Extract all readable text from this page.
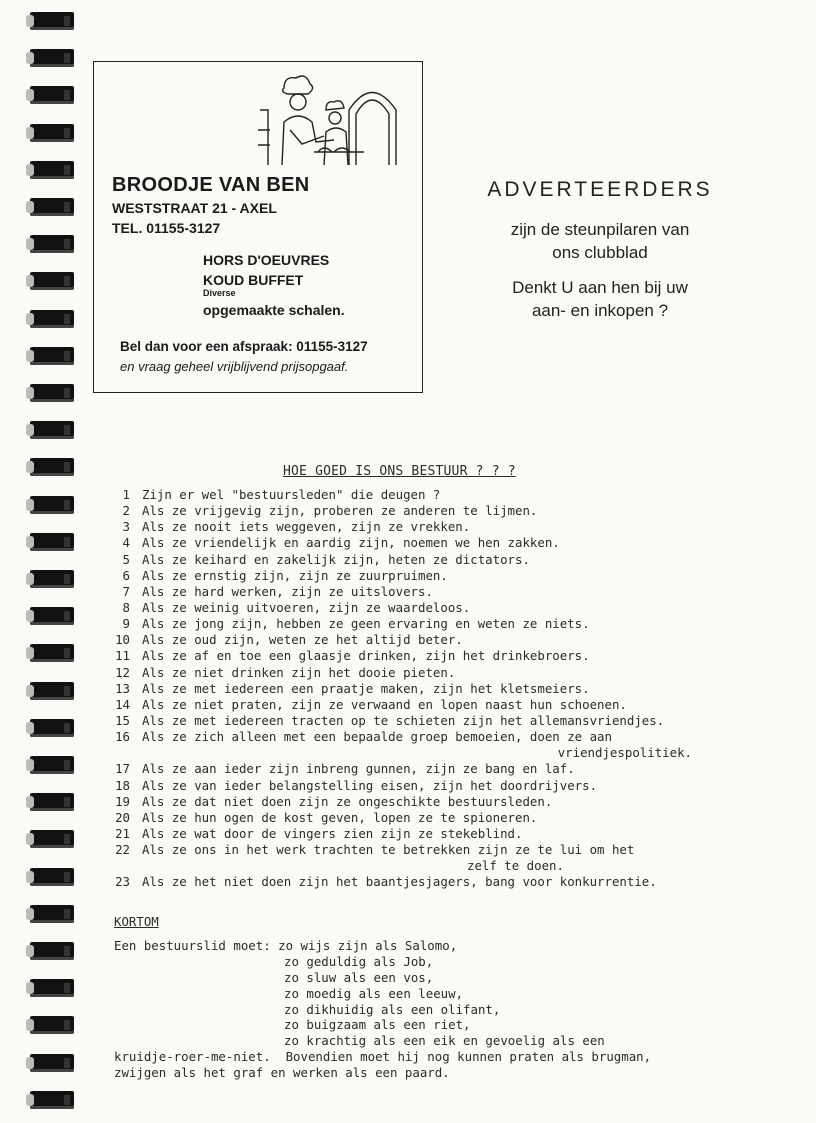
BROODJE VAN BEN
WESTSTRAAT 21 - AXEL
TEL. 01155-3127
HORS D'OEUVRES
KOUD BUFFET
Diverse
opgemaakte schalen.
Bel dan voor een afspraak: 01155-3127
en vraag geheel vrijblijvend prijsopgaaf.
ADVERTEERDERS
zijn de steunpilaren van
ons clubblad
Denkt U aan hen bij uw
aan- en inkopen ?
HOE GOED IS ONS BESTUUR ? ? ?
1 Zijn er wel "bestuursleden" die deugen ?
2 Als ze vrijgevig zijn, proberen ze anderen te lijmen.
3 Als ze nooit iets weggeven, zijn ze vrekken.
4 Als ze vriendelijk en aardig zijn, noemen we hen zakken.
5 Als ze keihard en zakelijk zijn, heten ze dictators.
6 Als ze ernstig zijn, zijn ze zuurpruimen.
7 Als ze hard werken, zijn ze uitslovers.
8 Als ze weinig uitvoeren, zijn ze waardeloos.
9 Als ze jong zijn, hebben ze geen ervaring en weten ze niets.
10 Als ze oud zijn, weten ze het altijd beter.
11 Als ze af en toe een glaasje drinken, zijn het drinkebroers.
12 Als ze niet drinken zijn het dooie pieten.
13 Als ze met iedereen een praatje maken, zijn het kletsmeiers.
14 Als ze niet praten, zijn ze verwaand en lopen naast hun schoenen.
15 Als ze met iedereen tracten op te schieten zijn het allemansvriendjes.
16 Als ze zich alleen met een bepaalde groep bemoeien, doen ze aan
vriendjespolitiek.
17 Als ze aan ieder zijn inbreng gunnen, zijn ze bang en laf.
18 Als ze van ieder belangstelling eisen, zijn het doordrijvers.
19 Als ze dat niet doen zijn ze ongeschikte bestuursleden.
20 Als ze hun ogen de kost geven, lopen ze te spioneren.
21 Als ze wat door de vingers zien zijn ze stekeblind.
22 Als ze ons in het werk trachten te betrekken zijn ze te lui om het
zelf te doen.
23 Als ze het niet doen zijn het baantjesjagers, bang voor konkurrentie.
KORTOM
Een bestuurslid moet: zo wijs zijn als Salomo,
zo geduldig als Job,
zo sluw als een vos,
zo moedig als een leeuw,
zo dikhuidig als een olifant,
zo buigzaam als een riet,
zo krachtig als een eik en gevoelig als een
kruidje-roer-me-niet.  Bovendien moet hij nog kunnen praten als brugman,
zwijgen als het graf en werken als een paard.
